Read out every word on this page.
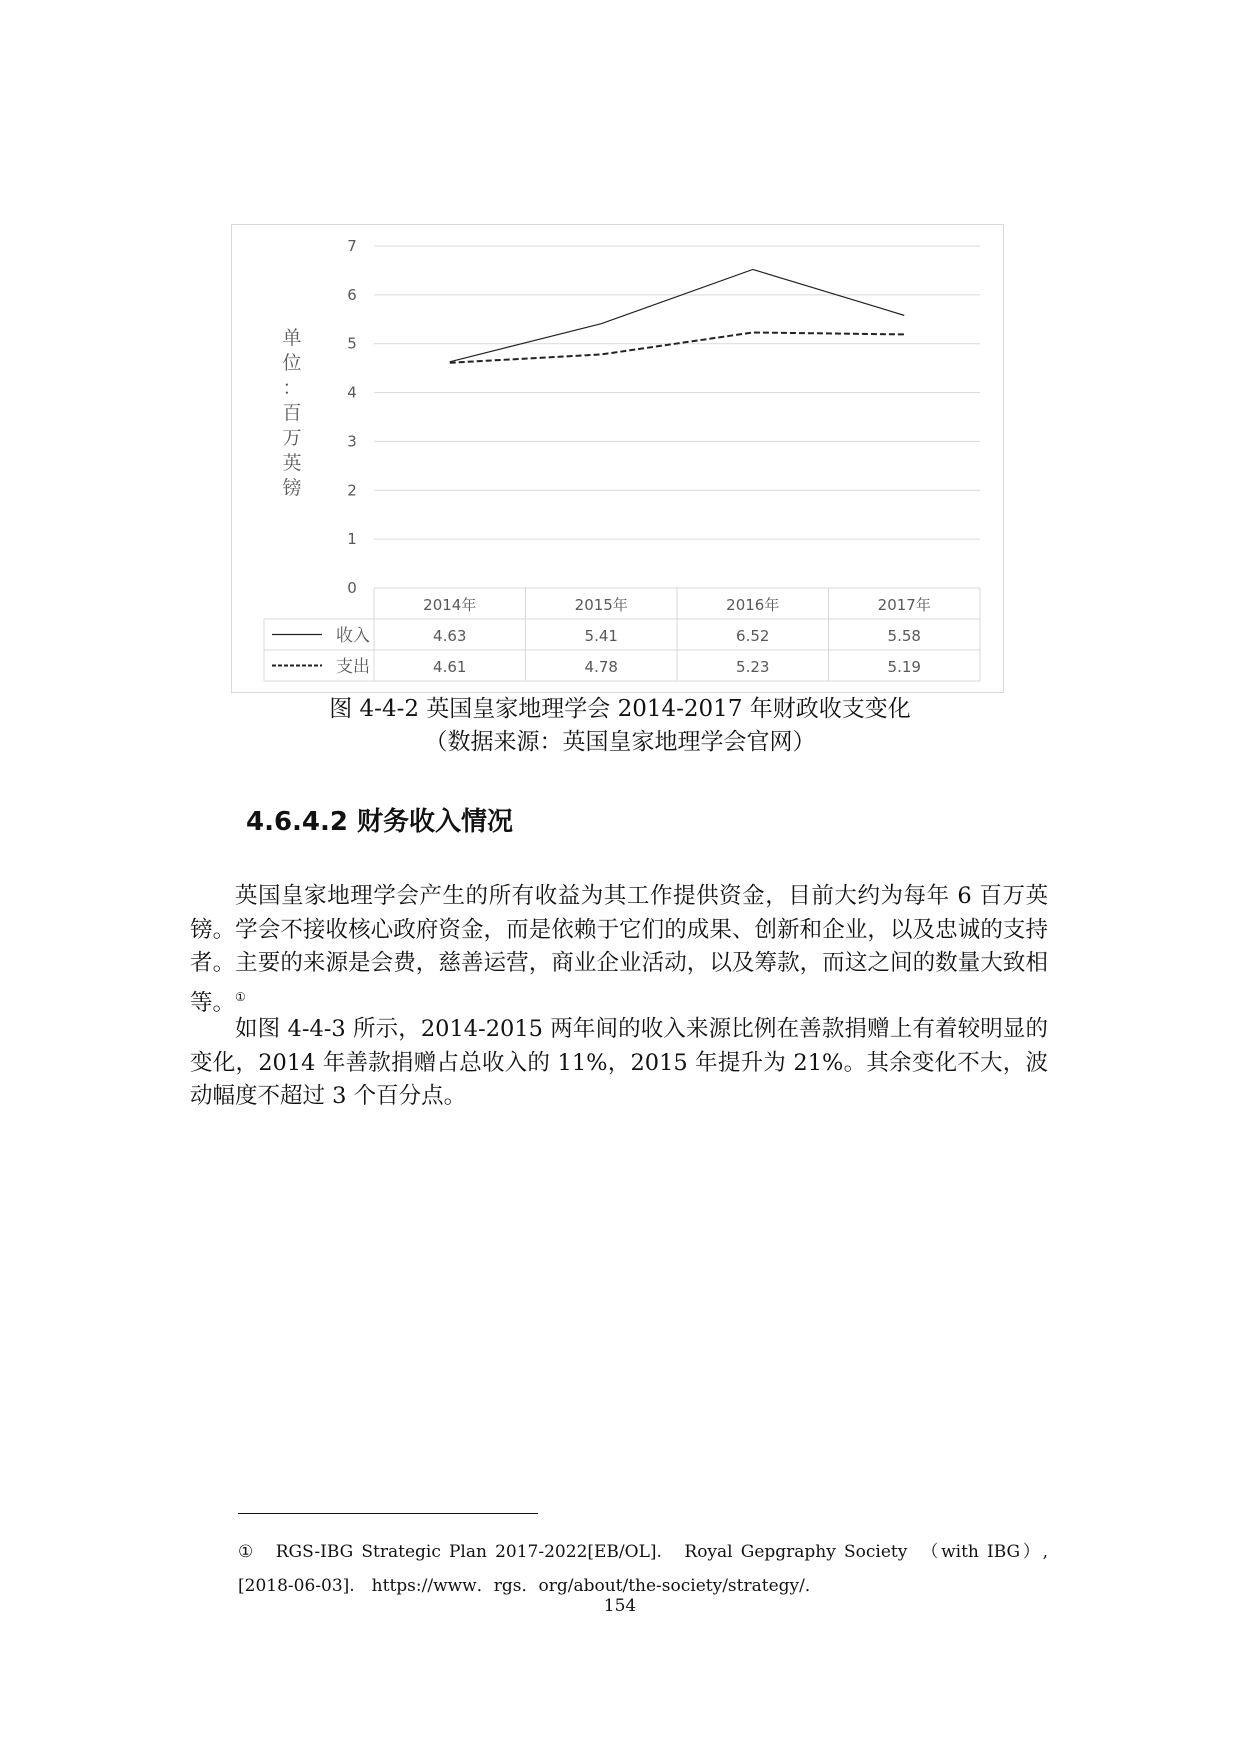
0
1
2
3
4
5
6
7
2014年	2015年	2016年	2017年
收入	4.63	5.41	6.52	5.58
支出	4.61	4.78	5.23	5.19
单
位
：
百
万
英
镑
图 4-4-2 英国皇家地理学会 2014-2017 年财政收支变化
（数据来源：英国皇家地理学会官网）
4.6.4.2 财务收入情况

英国皇家地理学会产生的所有收益为其工作提供资金，目前大约为每年 6 百万英镑。学会不接收核心政府资金，而是依赖于它们的成果、创新和企业，以及忠诚的支持者。主要的来源是会费，慈善运营，商业企业活动，以及筹款，而这之间的数量大致相等。①

如图 4-4-3 所示，2014-2015 两年间的收入来源比例在善款捐赠上有着较明显的变化，2014 年善款捐赠占总收入的 11%，2015 年提升为 21%。其余变化不大，波动幅度不超过 3 个百分点。

①　RGS-IBG Strategic Plan 2017-2022[EB/OL].　Royal Gepgraphy Society　（with IBG）, [2018-06-03].　https://www．rgs．org/about/the-society/strategy/．

154
